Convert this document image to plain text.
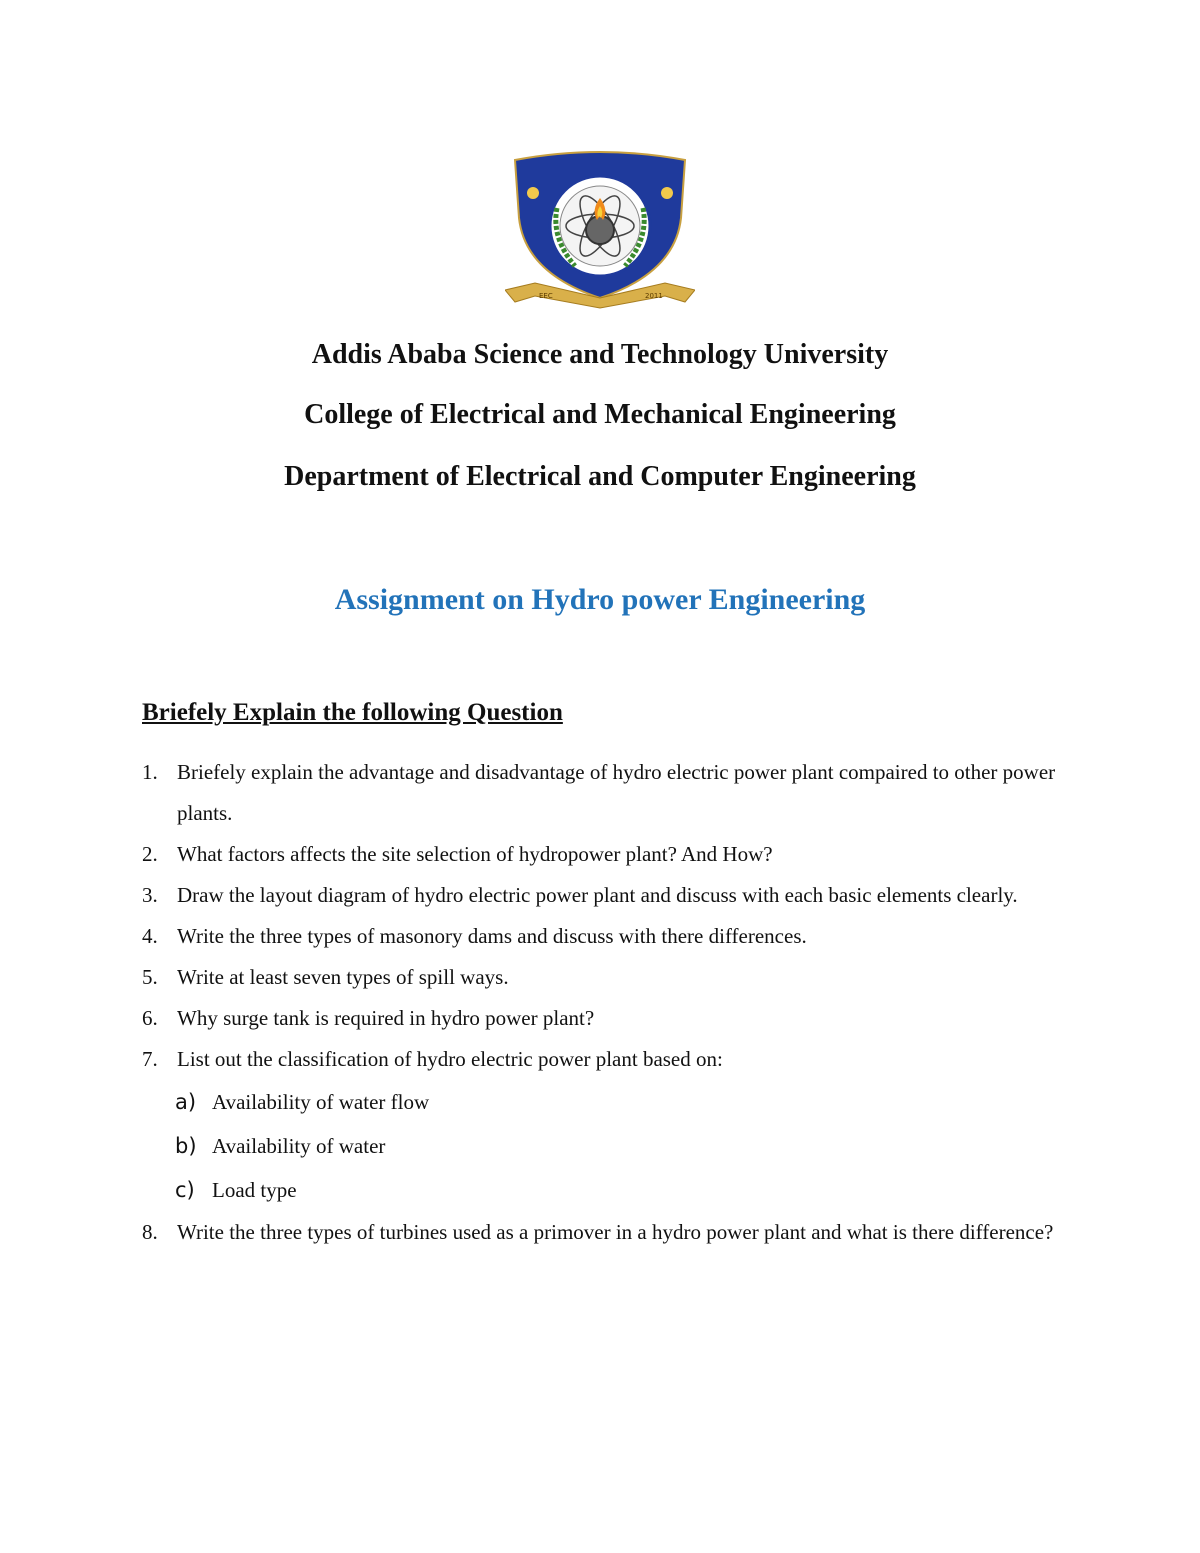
EEC	2011
Addis Ababa Science and Technology University
College of Electrical and Mechanical Engineering
Department of Electrical and Computer Engineering
Assignment on Hydro power Engineering
Briefely Explain the following Question
1. Briefely explain the advantage and disadvantage of hydro electric power plant compaired to other power plants.
2. What factors affects the site selection of hydropower plant? And How?
3. Draw the layout diagram of hydro electric power plant and discuss with each basic elements clearly.
4. Write the three types of masonory dams and discuss with there differences.
5. Write at least seven types of spill ways.
6. Why surge tank is required in hydro power plant?
7. List out the classification of hydro electric power plant based on:
a) Availability of water flow
b) Availability of water
c) Load type
8. Write the three types of turbines used as a primover in a hydro power plant and what is there difference?
